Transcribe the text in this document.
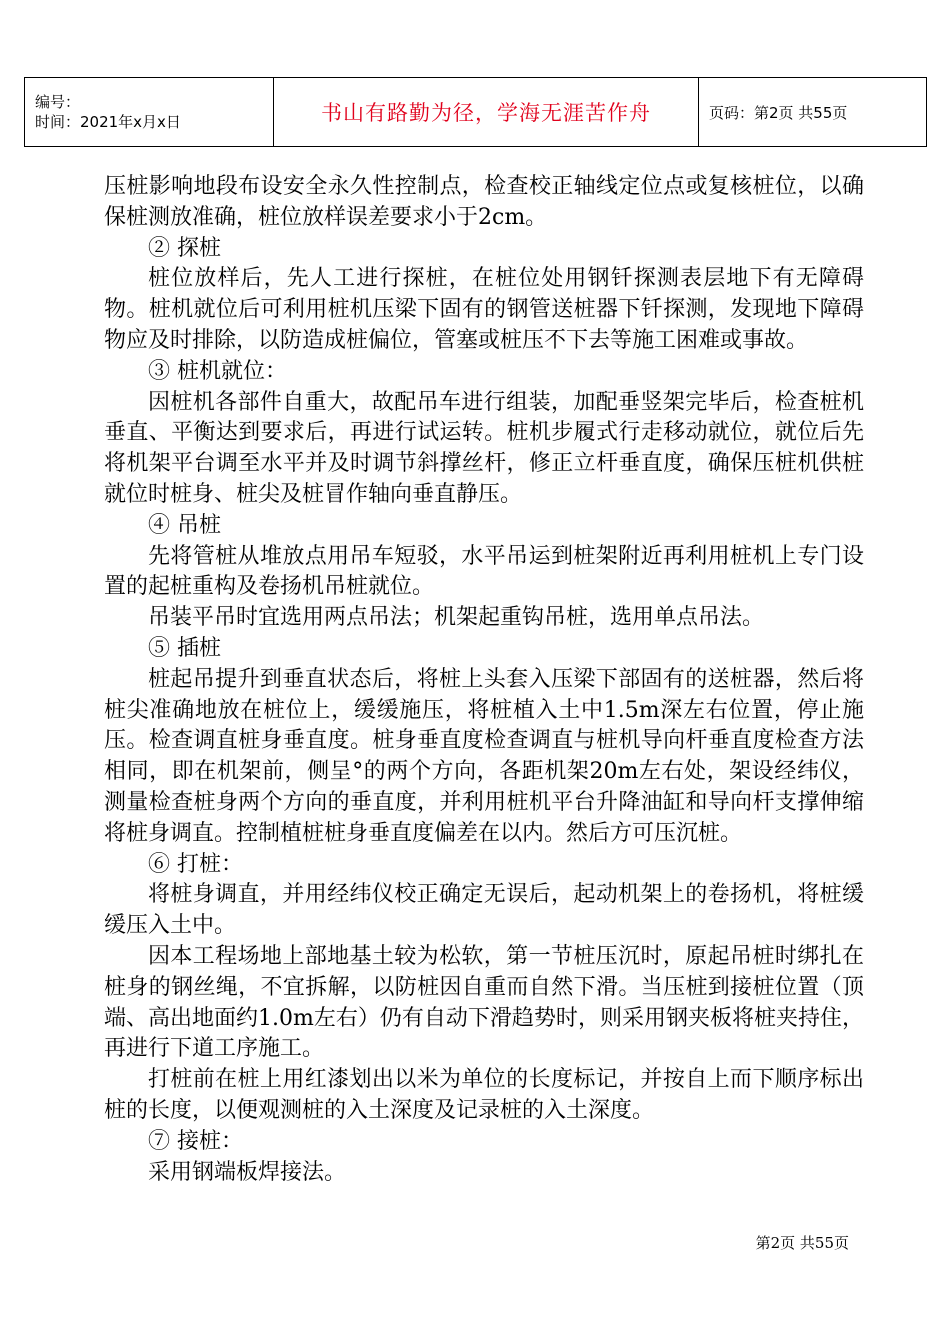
编号：
时间：2021年x月x日	书山有路勤为径，学海无涯苦作舟	页码：第2页 共55页

压桩影响地段布设安全永久性控制点，检查校正轴线定位点或复核桩位，以确保桩测放准确，桩位放样误差要求小于2cm。

② 探桩

桩位放样后，先人工进行探桩，在桩位处用钢钎探测表层地下有无障碍物。桩机就位后可利用桩机压梁下固有的钢管送桩器下钎探测，发现地下障碍物应及时排除，以防造成桩偏位，管塞或桩压不下去等施工困难或事故。

③ 桩机就位：

因桩机各部件自重大，故配吊车进行组装，加配垂竖架完毕后，检查桩机垂直、平衡达到要求后，再进行试运转。桩机步履式行走移动就位，就位后先将机架平台调至水平并及时调节斜撑丝杆，修正立杆垂直度，确保压桩机供桩就位时桩身、桩尖及桩冒作轴向垂直静压。

④ 吊桩

先将管桩从堆放点用吊车短驳，水平吊运到桩架附近再利用桩机上专门设置的起桩重构及卷扬机吊桩就位。

吊装平吊时宜选用两点吊法；机架起重钩吊桩，选用单点吊法。

⑤ 插桩

桩起吊提升到垂直状态后，将桩上头套入压梁下部固有的送桩器，然后将桩尖准确地放在桩位上，缓缓施压，将桩植入土中1.5m深左右位置，停止施压。检查调直桩身垂直度。桩身垂直度检查调直与桩机导向杆垂直度检查方法相同，即在机架前，侧呈°的两个方向，各距机架20m左右处，架设经纬仪，测量检查桩身两个方向的垂直度，并利用桩机平台升降油缸和导向杆支撑伸缩将桩身调直。控制植桩桩身垂直度偏差在以内。然后方可压沉桩。

⑥ 打桩：

将桩身调直，并用经纬仪校正确定无误后，起动机架上的卷扬机，将桩缓缓压入土中。

因本工程场地上部地基土较为松软，第一节桩压沉时，原起吊桩时绑扎在桩身的钢丝绳，不宜拆解，以防桩因自重而自然下滑。当压桩到接桩位置（顶端、高出地面约1.0m左右）仍有自动下滑趋势时，则采用钢夹板将桩夹持住，再进行下道工序施工。

打桩前在桩上用红漆划出以米为单位的长度标记，并按自上而下顺序标出桩的长度，以便观测桩的入土深度及记录桩的入土深度。

⑦ 接桩：

采用钢端板焊接法。

第2页 共55页
